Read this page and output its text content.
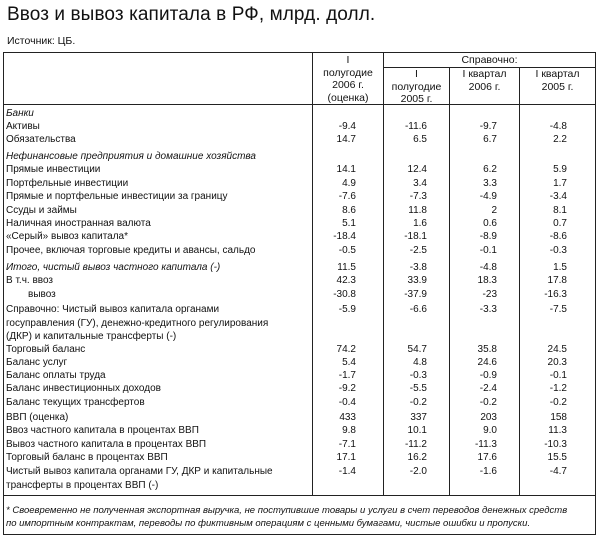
Ввоз и вывоз капитала в РФ, млрд. долл.
Источник: ЦБ.
I
полугодие
2006 г.
(оценка)
Справочно:
I
полугодие
2005 г.
I квартал
2006 г.
I квартал
2005 г.
Банки
Активы	-9.4	-11.6	-9.7	-4.8
Обязательства	14.7	6.5	6.7	2.2
Нефинансовые предприятия и домашние хозяйства
Прямые инвестиции	14.1	12.4	6.2	5.9
Портфельные инвестиции	4.9	3.4	3.3	1.7
Прямые и портфельные инвестиции за границу	-7.6	-7.3	-4.9	-3.4
Ссуды и займы	8.6	11.8	2	8.1
Наличная иностранная валюта	5.1	1.6	0.6	0.7
«Серый» вывоз капитала*	-18.4	-18.1	-8.9	-8.6
Прочее, включая торговые кредиты и авансы, сальдо	-0.5	-2.5	-0.1	-0.3
Итого, чистый вывоз частного капитала (-)	11.5	-3.8	-4.8	1.5
В т.ч. ввоз	42.3	33.9	18.3	17.8
вывоз	-30.8	-37.9	-23	-16.3
Справочно: Чистый вывоз капитала органами
госуправления (ГУ), денежно-кредитного регулирования
(ДКР) и капитальные трансферты (-)
-5.9	-6.6	-3.3	-7.5
Торговый баланс	74.2	54.7	35.8	24.5
Баланс услуг	5.4	4.8	24.6	20.3
Баланс оплаты труда	-1.7	-0.3	-0.9	-0.1
Баланс инвестиционных доходов	-9.2	-5.5	-2.4	-1.2
Баланс текущих трансфертов	-0.4	-0.2	-0.2	-0.2
ВВП (оценка)	433	337	203	158
Ввоз частного капитала в процентах ВВП	9.8	10.1	9.0	11.3
Вывоз частного капитала в процентах ВВП	-7.1	-11.2	-11.3	-10.3
Торговый баланс в процентах ВВП	17.1	16.2	17.6	15.5
Чистый вывоз капитала органами ГУ, ДКР и капитальные
трансферты в процентах ВВП (-)
-1.4	-2.0	-1.6	-4.7
* Своевременно не полученная экспортная выручка, не поступившие товары и услуги в счет переводов денежных средств
по импортным контрактам, переводы по фиктивным операциям с ценными бумагами, чистые ошибки и пропуски.
